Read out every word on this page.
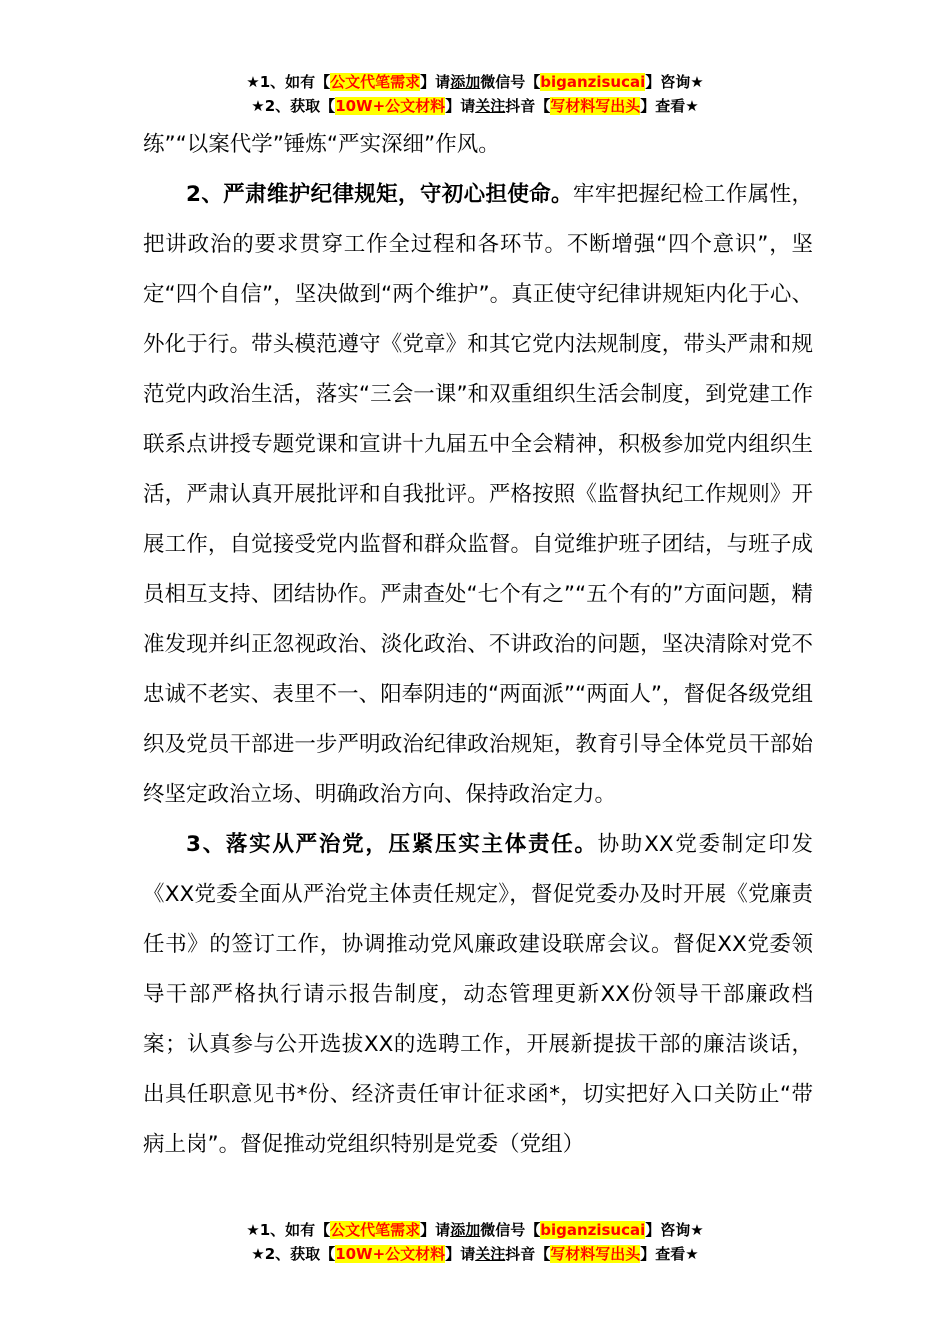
★1、如有【公文代笔需求】请添加微信号【biganzisucai】咨询★
★2、获取【10W+公文材料】请关注抖音【写材料写出头】查看★

练”“以案代学”锤炼“严实深细”作风。

2、严肃维护纪律规矩，守初心担使命。牢牢把握纪检工作属性，把讲政治的要求贯穿工作全过程和各环节。不断增强“四个意识”，坚定“四个自信”，坚决做到“两个维护”。真正使守纪律讲规矩内化于心、外化于行。带头模范遵守《党章》和其它党内法规制度，带头严肃和规范党内政治生活，落实“三会一课”和双重组织生活会制度，到党建工作联系点讲授专题党课和宣讲十九届五中全会精神，积极参加党内组织生活，严肃认真开展批评和自我批评。严格按照《监督执纪工作规则》开展工作，自觉接受党内监督和群众监督。自觉维护班子团结，与班子成员相互支持、团结协作。严肃查处“七个有之”“五个有的”方面问题，精准发现并纠正忽视政治、淡化政治、不讲政治的问题，坚决清除对党不忠诚不老实、表里不一、阳奉阴违的“两面派”“两面人”，督促各级党组织及党员干部进一步严明政治纪律政治规矩，教育引导全体党员干部始终坚定政治立场、明确政治方向、保持政治定力。

3、落实从严治党，压紧压实主体责任。协助XX党委制定印发《XX党委全面从严治党主体责任规定》，督促党委办及时开展《党廉责任书》的签订工作，协调推动党风廉政建设联席会议。督促XX党委领导干部严格执行请示报告制度，动态管理更新XX份领导干部廉政档案；认真参与公开选拔XX的选聘工作，开展新提拔干部的廉洁谈话，出具任职意见书*份、经济责任审计征求函*，切实把好入口关防止“带病上岗”。督促推动党组织特别是党委（党组）

★1、如有【公文代笔需求】请添加微信号【biganzisucai】咨询★
★2、获取【10W+公文材料】请关注抖音【写材料写出头】查看★
